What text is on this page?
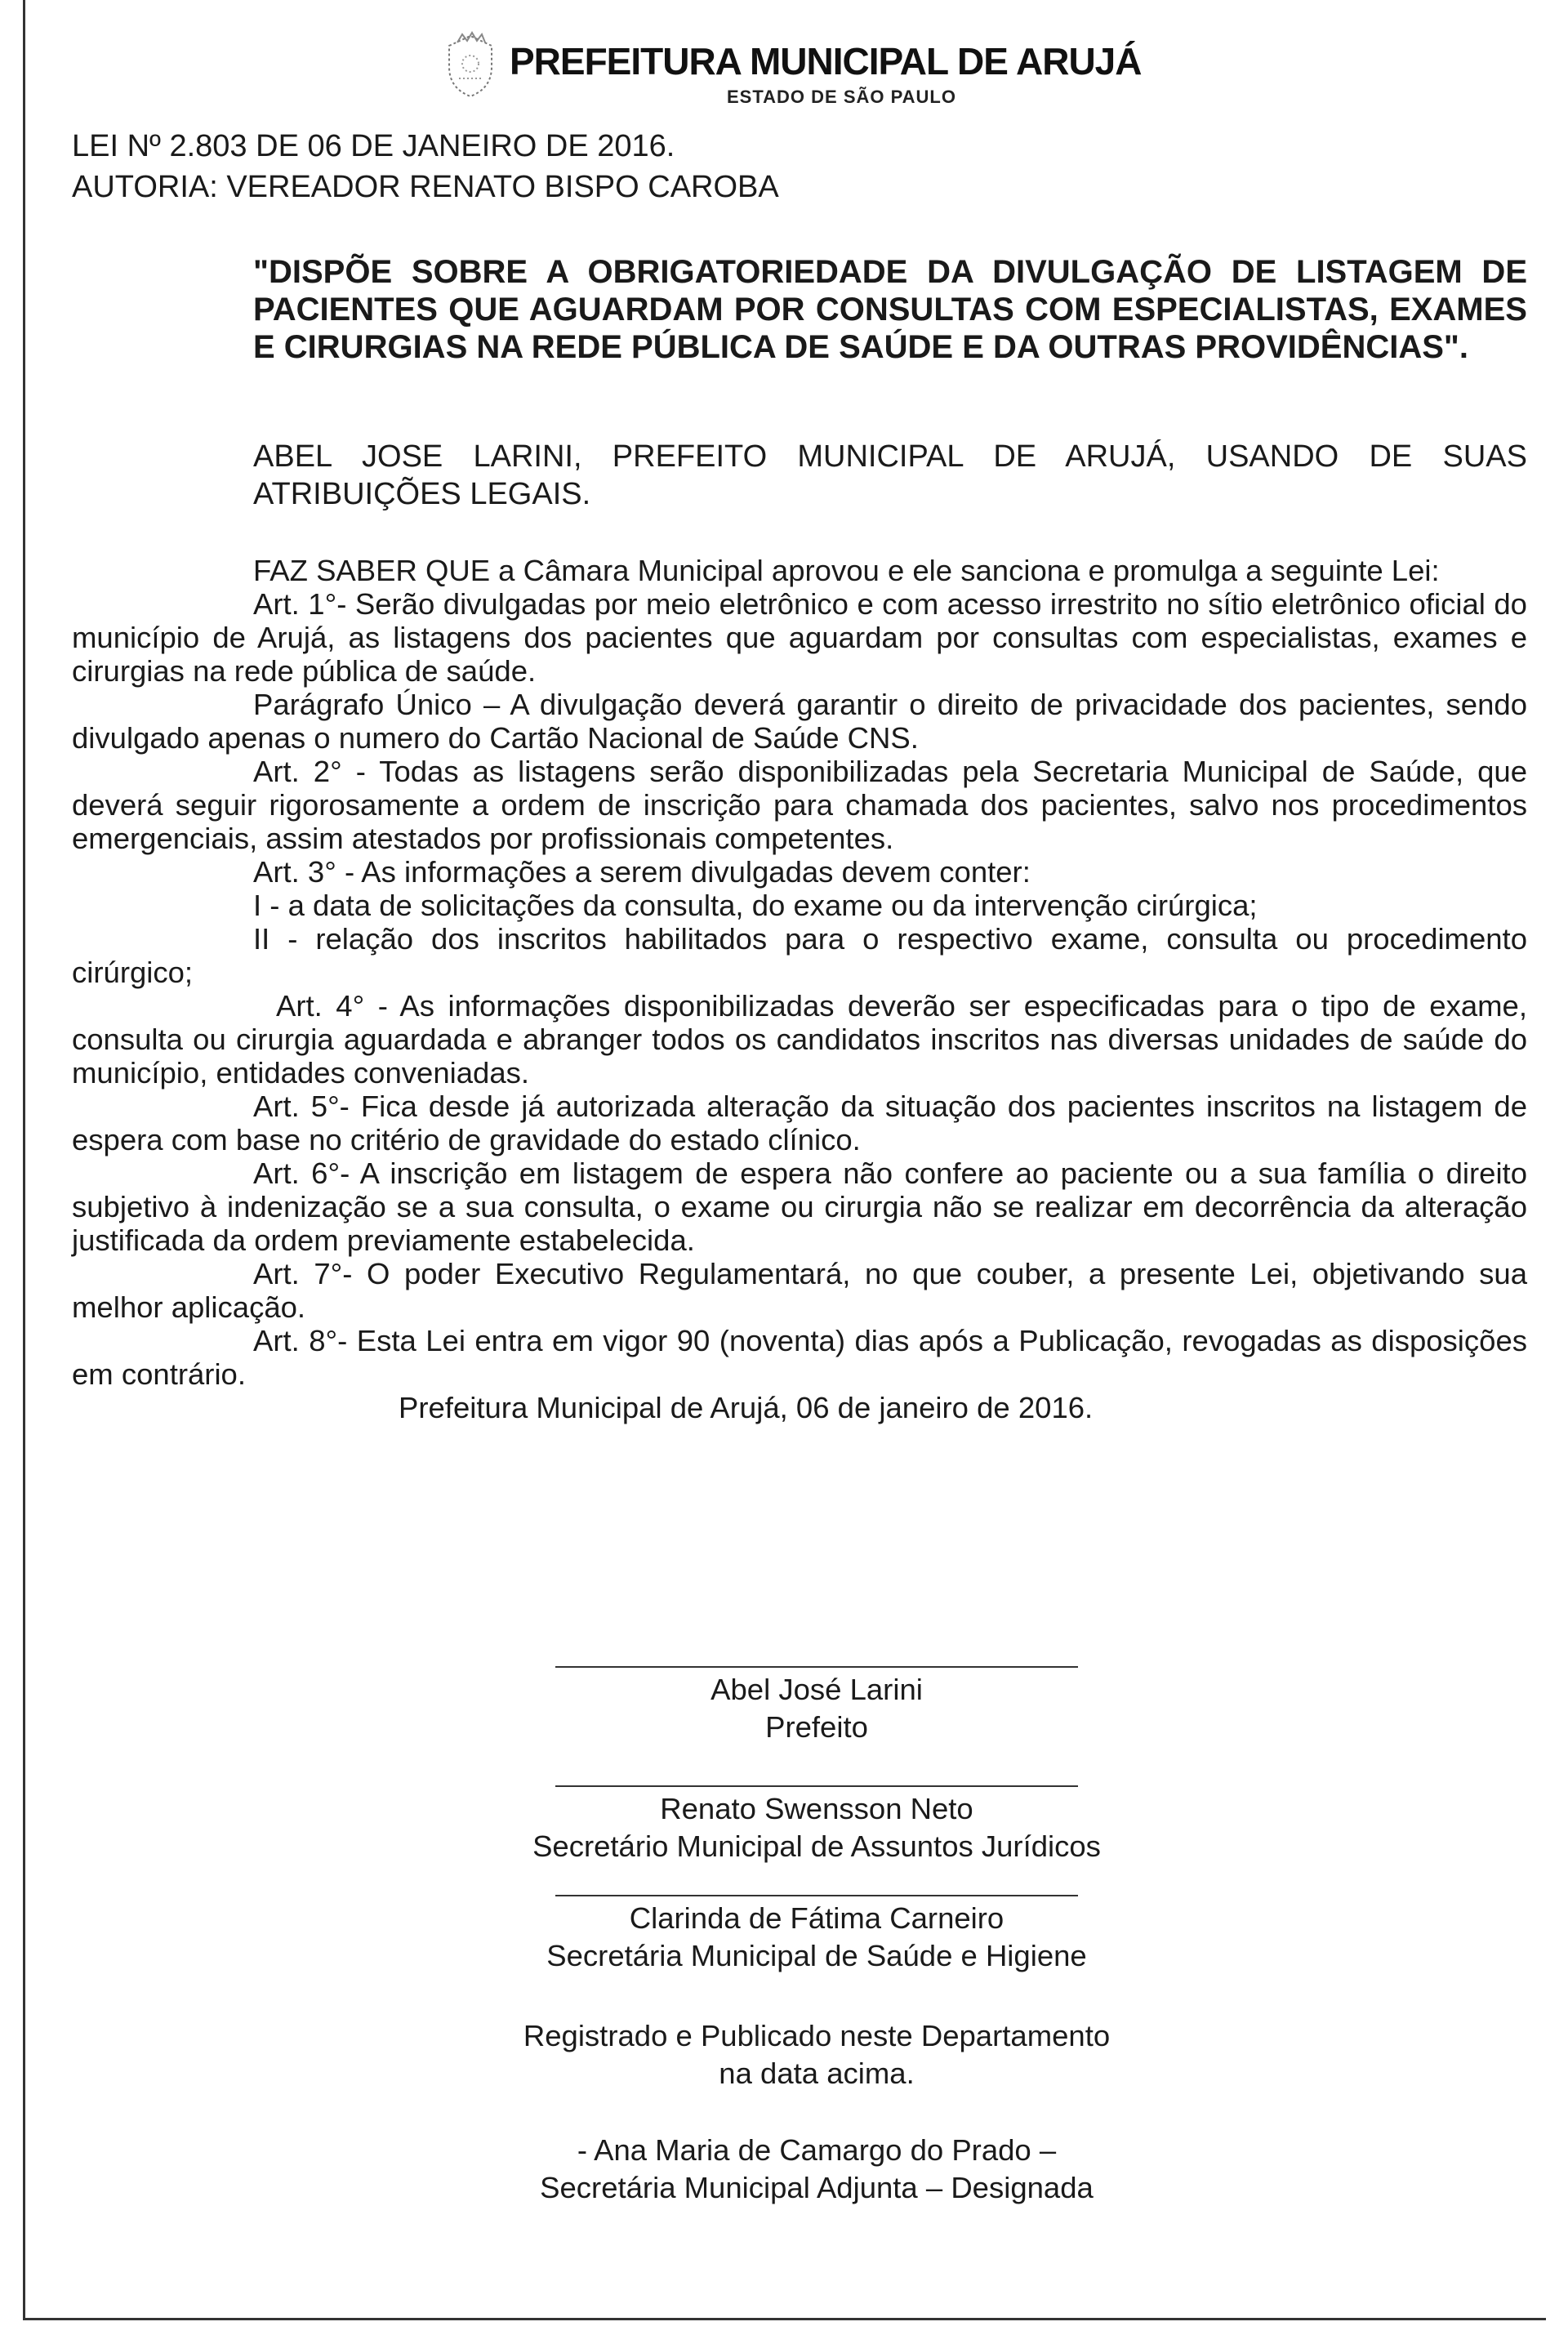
PREFEITURA MUNICIPAL DE ARUJÁ
ESTADO DE SÃO PAULO
LEI Nº 2.803 DE 06 DE JANEIRO DE 2016.
AUTORIA: VEREADOR RENATO BISPO CAROBA
"DISPÕE SOBRE A OBRIGATORIEDADE DA DIVULGAÇÃO DE LISTAGEM DE PACIENTES QUE AGUARDAM POR CONSULTAS COM ESPECIALISTAS, EXAMES E CIRURGIAS NA REDE PÚBLICA DE SAÚDE E DA OUTRAS PROVIDÊNCIAS".
ABEL JOSE LARINI, PREFEITO MUNICIPAL DE ARUJÁ, USANDO DE SUAS ATRIBUIÇÕES LEGAIS.

FAZ SABER QUE a Câmara Municipal aprovou e ele sanciona e promulga a seguinte Lei:

Art. 1°- Serão divulgadas por meio eletrônico e com acesso irrestrito no sítio eletrônico oficial do município de Arujá, as listagens dos pacientes que aguardam por consultas com especialistas, exames e cirurgias na rede pública de saúde.

Parágrafo Único – A divulgação deverá garantir o direito de privacidade dos pacientes, sendo divulgado apenas o numero do Cartão Nacional de Saúde CNS.

Art. 2° - Todas as listagens serão disponibilizadas pela Secretaria Municipal de Saúde, que deverá seguir rigorosamente a ordem de inscrição para chamada dos pacientes, salvo nos procedimentos emergenciais, assim atestados por profissionais competentes.

Art. 3° - As informações a serem divulgadas devem conter:

I - a data de solicitações da consulta, do exame ou da intervenção cirúrgica;

II - relação dos inscritos habilitados para o respectivo exame, consulta ou procedimento cirúrgico;

Art. 4° - As informações disponibilizadas deverão ser especificadas para o tipo de exame, consulta ou cirurgia aguardada e abranger todos os candidatos inscritos nas diversas unidades de saúde do município, entidades conveniadas.

Art. 5°- Fica desde já autorizada alteração da situação dos pacientes inscritos na listagem de espera com base no critério de gravidade do estado clínico.

Art. 6°- A inscrição em listagem de espera não confere ao paciente ou a sua família o direito subjetivo à indenização se a sua consulta, o exame ou cirurgia não se realizar em decorrência da alteração justificada da ordem previamente estabelecida.

Art. 7°- O poder Executivo Regulamentará, no que couber, a presente Lei, objetivando sua melhor aplicação.

Art. 8°- Esta Lei entra em vigor 90 (noventa) dias após a Publicação, revogadas as disposições em contrário.

Prefeitura Municipal de Arujá, 06 de janeiro de 2016.

Abel José Larini
Prefeito
Renato Swensson Neto
Secretário Municipal de Assuntos Jurídicos
Clarinda de Fátima Carneiro
Secretária Municipal de Saúde e Higiene
Registrado e Publicado neste Departamento
na data acima.
- Ana Maria de Camargo do Prado –
Secretária Municipal Adjunta – Designada
